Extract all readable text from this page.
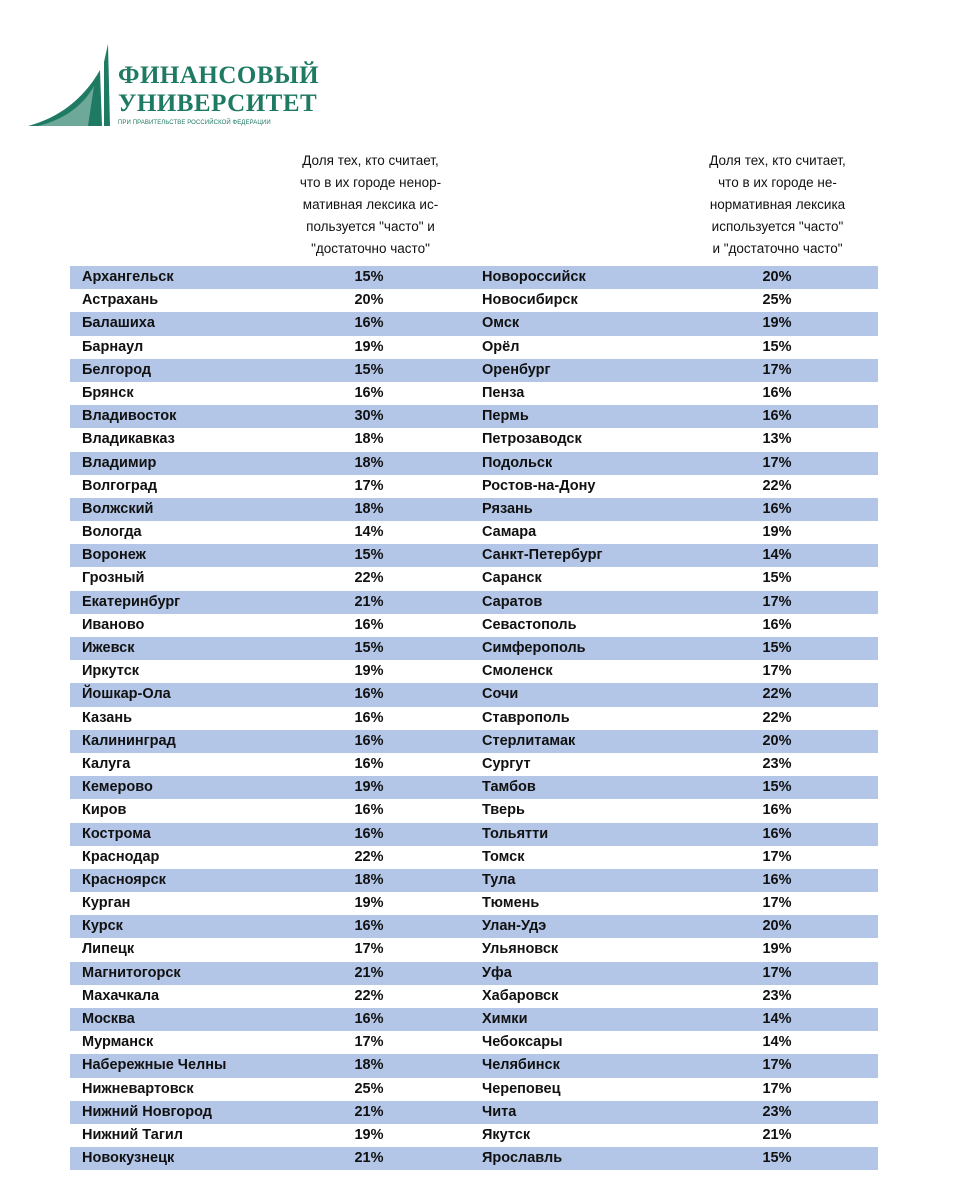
ФИНАНСОВЫЙ
УНИВЕРСИТЕТ
ПРИ ПРАВИТЕЛЬСТВЕ РОССИЙСКОЙ ФЕДЕРАЦИИ
Доля тех, кто считает,
что в их городе ненор-
мативная лексика ис-
пользуется "часто" и
"достаточно часто"
Доля тех, кто считает,
что в их городе не-
нормативная лексика
используется "часто"
и "достаточно часто"
Архангельск	15%	Новороссийск	20%
Астрахань	20%	Новосибирск	25%
Балашиха	16%	Омск	19%
Барнаул	19%	Орёл	15%
Белгород	15%	Оренбург	17%
Брянск	16%	Пенза	16%
Владивосток	30%	Пермь	16%
Владикавказ	18%	Петрозаводск	13%
Владимир	18%	Подольск	17%
Волгоград	17%	Ростов-на-Дону	22%
Волжский	18%	Рязань	16%
Вологда	14%	Самара	19%
Воронеж	15%	Санкт-Петербург	14%
Грозный	22%	Саранск	15%
Екатеринбург	21%	Саратов	17%
Иваново	16%	Севастополь	16%
Ижевск	15%	Симферополь	15%
Иркутск	19%	Смоленск	17%
Йошкар-Ола	16%	Сочи	22%
Казань	16%	Ставрополь	22%
Калининград	16%	Стерлитамак	20%
Калуга	16%	Сургут	23%
Кемерово	19%	Тамбов	15%
Киров	16%	Тверь	16%
Кострома	16%	Тольятти	16%
Краснодар	22%	Томск	17%
Красноярск	18%	Тула	16%
Курган	19%	Тюмень	17%
Курск	16%	Улан-Удэ	20%
Липецк	17%	Ульяновск	19%
Магнитогорск	21%	Уфа	17%
Махачкала	22%	Хабаровск	23%
Москва	16%	Химки	14%
Мурманск	17%	Чебоксары	14%
Набережные Челны	18%	Челябинск	17%
Нижневартовск	25%	Череповец	17%
Нижний Новгород	21%	Чита	23%
Нижний Тагил	19%	Якутск	21%
Новокузнецк	21%	Ярославль	15%
